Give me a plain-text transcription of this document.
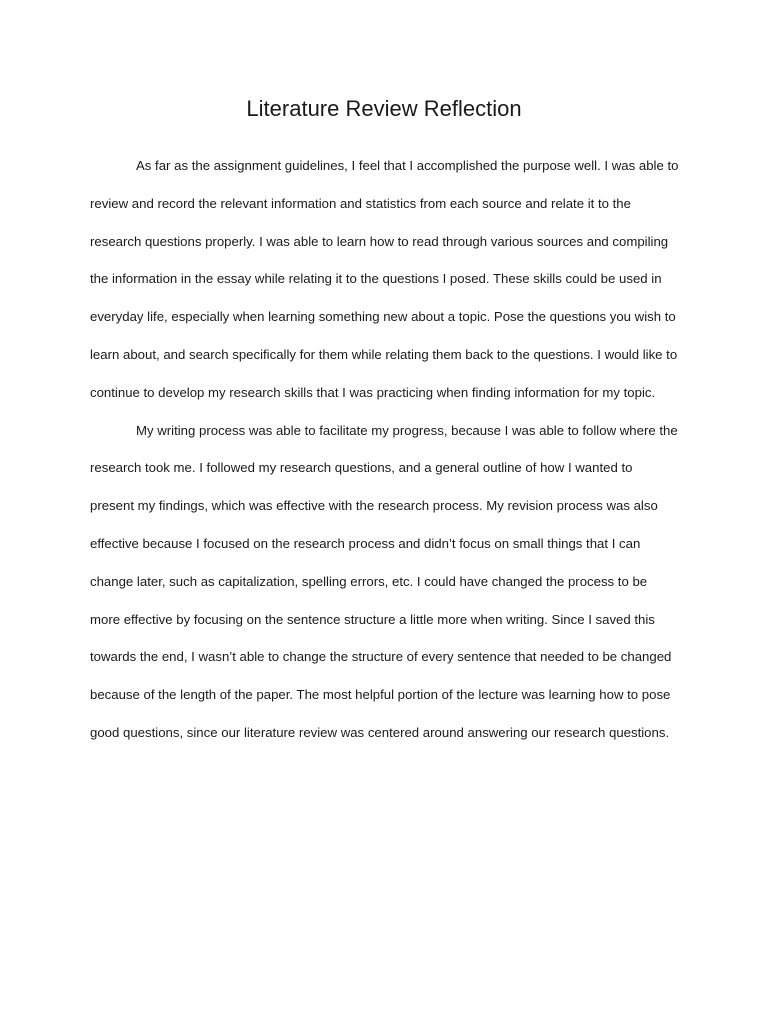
Literature Review Reflection

As far as the assignment guidelines, I feel that I accomplished the purpose well. I was able to review and record the relevant information and statistics from each source and relate it to the research questions properly. I was able to learn how to read through various sources and compiling the information in the essay while relating it to the questions I posed. These skills could be used in everyday life, especially when learning something new about a topic. Pose the questions you wish to learn about, and search specifically for them while relating them back to the questions. I would like to continue to develop my research skills that I was practicing when finding information for my topic.

My writing process was able to facilitate my progress, because I was able to follow where the research took me. I followed my research questions, and a general outline of how I wanted to present my findings, which was effective with the research process. My revision process was also effective because I focused on the research process and didn’t focus on small things that I can change later, such as capitalization, spelling errors, etc. I could have changed the process to be more effective by focusing on the sentence structure a little more when writing. Since I saved this towards the end, I wasn’t able to change the structure of every sentence that needed to be changed because of the length of the paper. The most helpful portion of the lecture was learning how to pose good questions, since our literature review was centered around answering our research questions.
